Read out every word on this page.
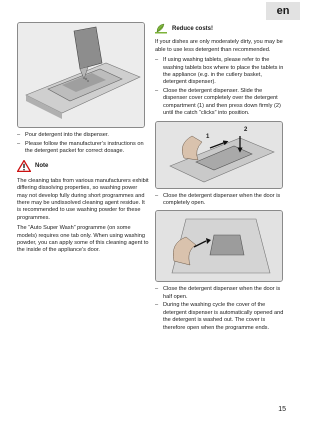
en
– Pour detergent into the dispenser.
– Please follow the manufacturer’s instructions on the detergent packet for correct dosage.
Note

The cleaning tabs from various manufacturers exhibit differing dissolving properties, so washing power may not develop fully during short programmes and there may be undissolved cleaning agent residue. It is recommended to use washing powder for these programmes.

The “Auto Super Wash” programme (on some models) requires one tab only. When using washing powder, you can apply some of this cleaning agent to the inside of the appliance’s door.

Reduce costs!

If your dishes are only moderately dirty, you may be able to use less detergent than recommended.

– If using washing tablets, please refer to the washing tablets box where to place the tablets in the appliance (e.g. in the cutlery basket, detergent dispenser).
– Close the detergent dispenser. Slide the dispenser cover completely over the detergent compartment (1) and then press down firmly (2) until the catch “clicks” into position.
1
2
– Close the detergent dispenser when the door is completely open.
– Close the detergent dispenser when the door is half open.
– During the washing cycle the cover of the detergent dispenser is automatically opened and the detergent is washed out. The cover is therefore open when the programme ends.
15
